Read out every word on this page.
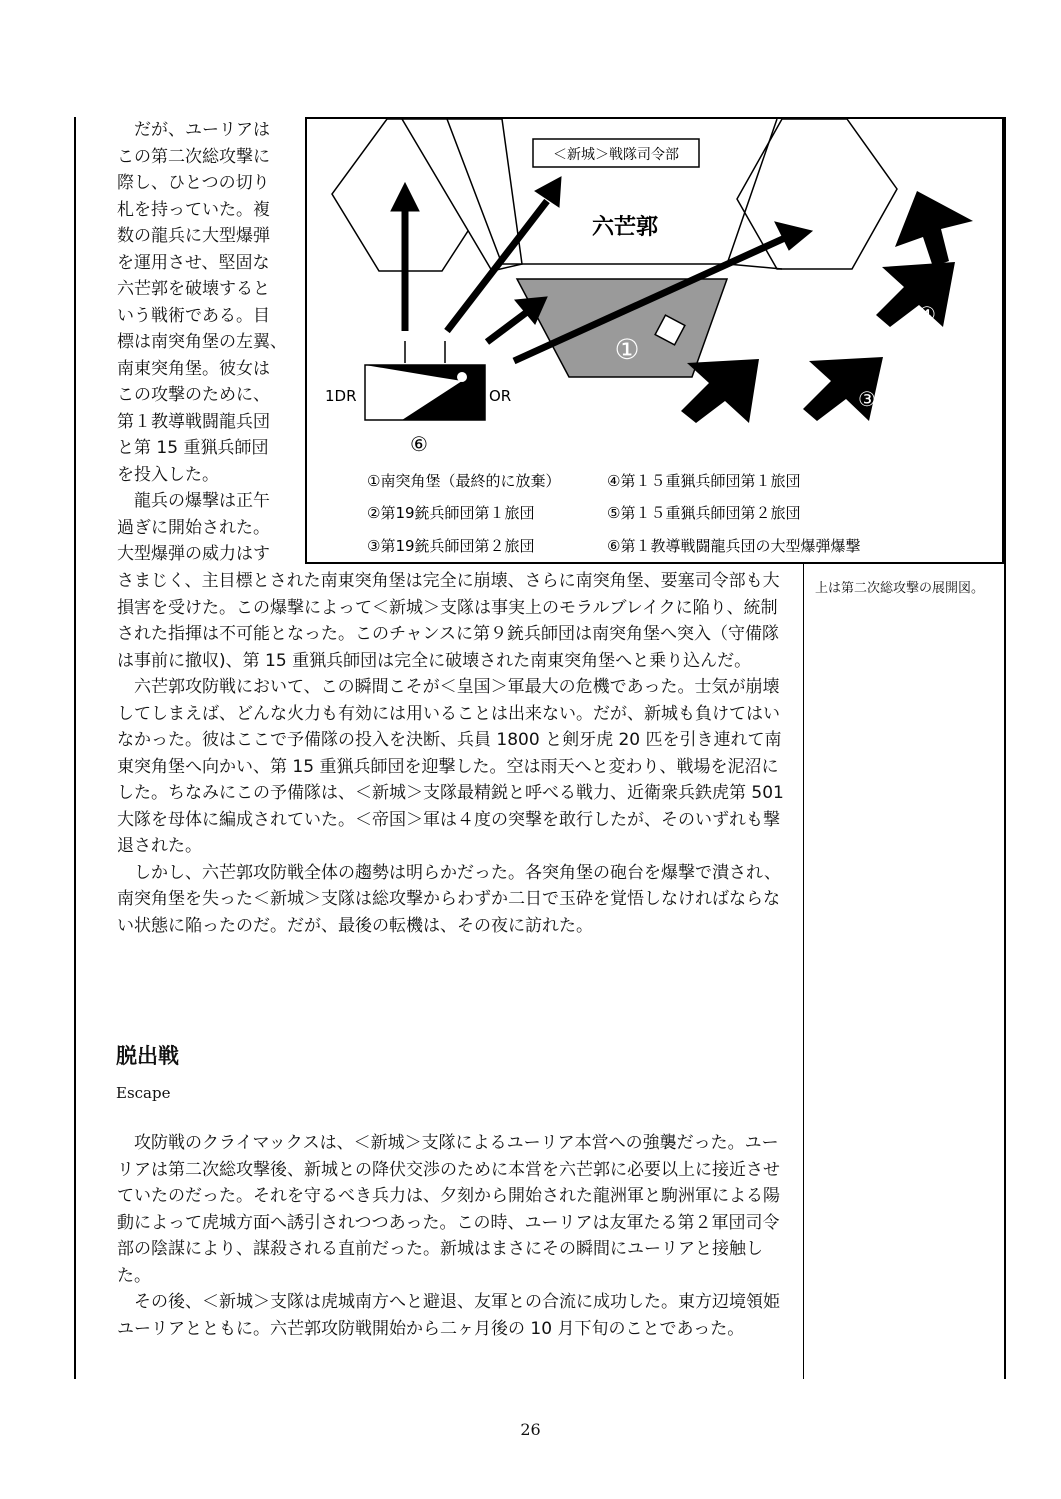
　だが、ユーリアは
この第二次総攻撃に
際し、ひとつの切り
札を持っていた。複
数の龍兵に大型爆弾
を運用させ、堅固な
六芒郭を破壊すると
いう戦術である。目
標は南突角堡の左翼、
南東突角堡。彼女は
この攻撃のために、
第１教導戦闘龍兵団
と第 15 重猟兵師団
を投入した。
　龍兵の爆撃は正午
過ぎに開始された。
大型爆弾の威力はす
＜新城＞戦隊司令部
六芒郭
1DR	OR
①
②	③
④
⑤
⑥
①南突角堡（最終的に放棄）	④第１５重猟兵師団第１旅団
②第19銃兵師団第１旅団	⑤第１５重猟兵師団第２旅団
③第19銃兵師団第２旅団	⑥第１教導戦闘龍兵団の大型爆弾爆撃
上は第二次総攻撃の展開図。

さまじく、主目標とされた南東突角堡は完全に崩壊、さらに南突角堡、要塞司令部も大損害を受けた。この爆撃によって＜新城＞支隊は事実上のモラルブレイクに陥り、統制された指揮は不可能となった。このチャンスに第９銃兵師団は南突角堡へ突入（守備隊は事前に撤収)、第 15 重猟兵師団は完全に破壊された南東突角堡へと乗り込んだ。

六芒郭攻防戦において、この瞬間こそが＜皇国＞軍最大の危機であった。士気が崩壊してしまえば、どんな火力も有効には用いることは出来ない。だが、新城も負けてはいなかった。彼はここで予備隊の投入を決断、兵員 1800 と剣牙虎 20 匹を引き連れて南東突角堡へ向かい、第 15 重猟兵師団を迎撃した。空は雨天へと変わり、戦場を泥沼にした。ちなみにこの予備隊は、＜新城＞支隊最精鋭と呼べる戦力、近衛衆兵鉄虎第 501 大隊を母体に編成されていた。＜帝国＞軍は４度の突撃を敢行したが、そのいずれも撃退された。

しかし、六芒郭攻防戦全体の趨勢は明らかだった。各突角堡の砲台を爆撃で潰され、南突角堡を失った＜新城＞支隊は総攻撃からわずか二日で玉砕を覚悟しなければならない状態に陥ったのだ。だが、最後の転機は、その夜に訪れた。

脱出戦
Escape

攻防戦のクライマックスは、＜新城＞支隊によるユーリア本営への強襲だった。ユーリアは第二次総攻撃後、新城との降伏交渉のために本営を六芒郭に必要以上に接近させていたのだった。それを守るべき兵力は、夕刻から開始された龍洲軍と駒洲軍による陽動によって虎城方面へ誘引されつつあった。この時、ユーリアは友軍たる第２軍団司令部の陰謀により、謀殺される直前だった。新城はまさにその瞬間にユーリアと接触した。

その後、＜新城＞支隊は虎城南方へと避退、友軍との合流に成功した。東方辺境領姫ユーリアとともに。六芒郭攻防戦開始から二ヶ月後の 10 月下旬のことであった。

26
